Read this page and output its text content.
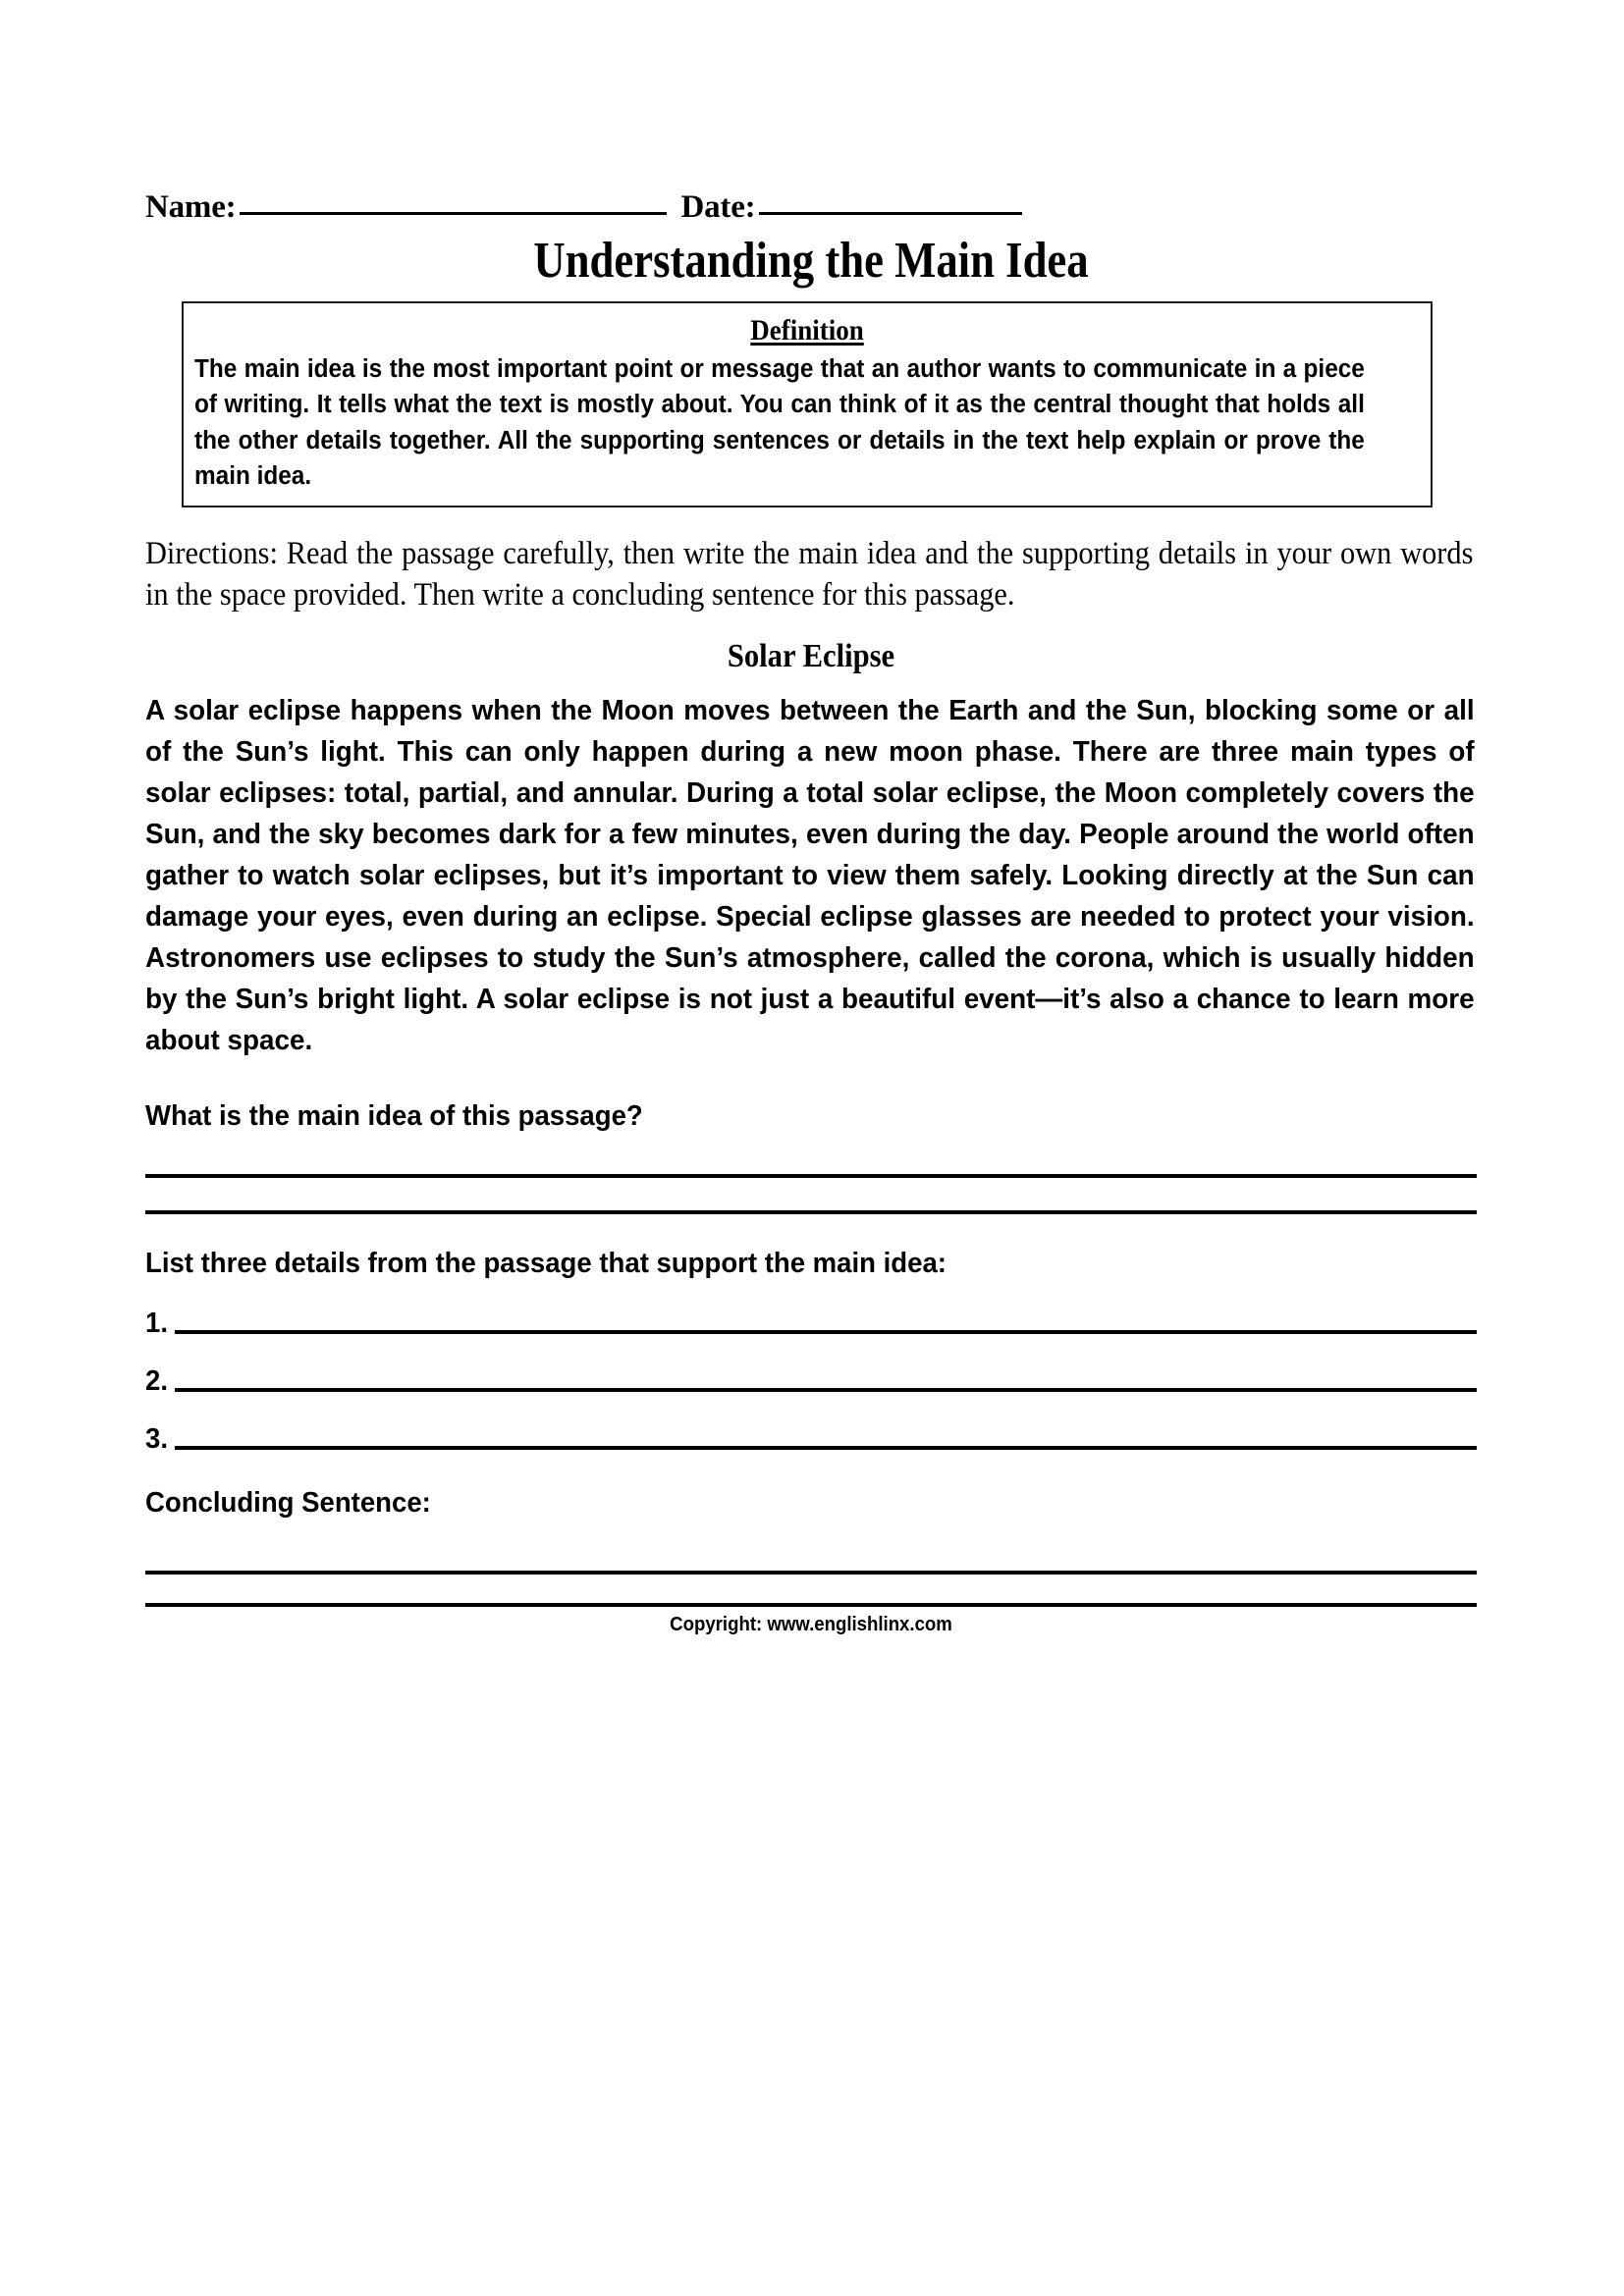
Name:	Date:
Understanding the Main Idea
Definition
The main idea is the most important point or message that an author wants to communicate in a piece of writing. It tells what the text is mostly about. You can think of it as the central thought that holds all the other details together. All the supporting sentences or details in the text help explain or prove the main idea.
Directions: Read the passage carefully, then write the main idea and the supporting details in your own words in the space provided. Then write a concluding sentence for this passage.
Solar Eclipse
A solar eclipse happens when the Moon moves between the Earth and the Sun, blocking some or all of the Sun’s light. This can only happen during a new moon phase. There are three main types of solar eclipses: total, partial, and annular. During a total solar eclipse, the Moon completely covers the Sun, and the sky becomes dark for a few minutes, even during the day. People around the world often gather to watch solar eclipses, but it’s important to view them safely. Looking directly at the Sun can damage your eyes, even during an eclipse. Special eclipse glasses are needed to protect your vision. Astronomers use eclipses to study the Sun’s atmosphere, called the corona, which is usually hidden by the Sun’s bright light. A solar eclipse is not just a beautiful event—it’s also a chance to learn more about space.
What is the main idea of this passage?
List three details from the passage that support the main idea:
1.
2.
3.
Concluding Sentence:
Copyright: www.englishlinx.com
